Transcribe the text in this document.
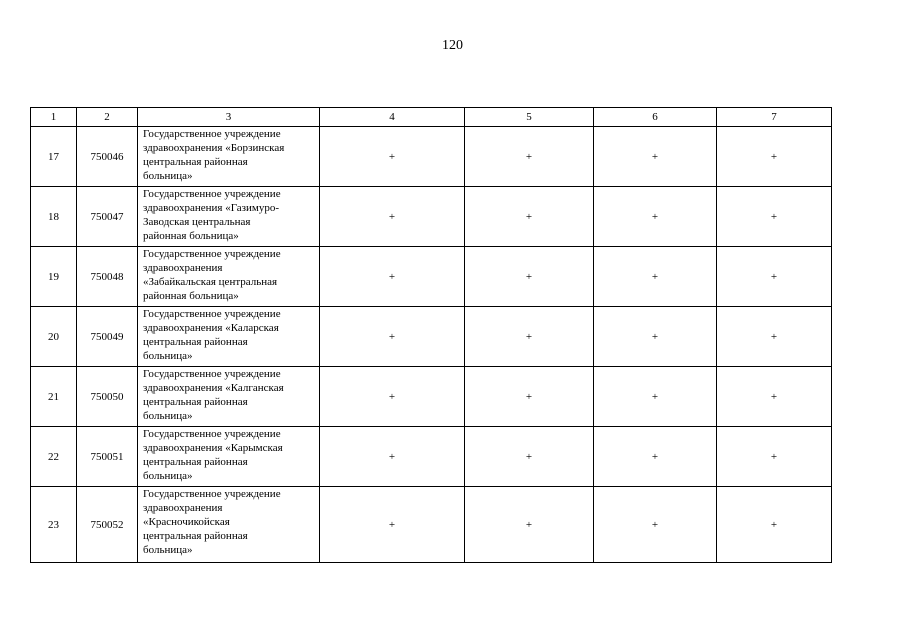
120
1	2	3	4	5	6	7
17	750046	Государственное учреждение
здравоохранения «Борзинская
центральная районная
больница»	+	+	+	+
18	750047	Государственное учреждение
здравоохранения «Газимуро-
Заводская центральная
районная больница»	+	+	+	+
19	750048	Государственное учреждение
здравоохранения
«Забайкальская центральная
районная больница»	+	+	+	+
20	750049	Государственное учреждение
здравоохранения «Каларская
центральная районная
больница»	+	+	+	+
21	750050	Государственное учреждение
здравоохранения «Калганская
центральная районная
больница»	+	+	+	+
22	750051	Государственное учреждение
здравоохранения «Карымская
центральная районная
больница»	+	+	+	+
23	750052	Государственное учреждение
здравоохранения
«Красночикойская
центральная районная
больница»	+	+	+	+
